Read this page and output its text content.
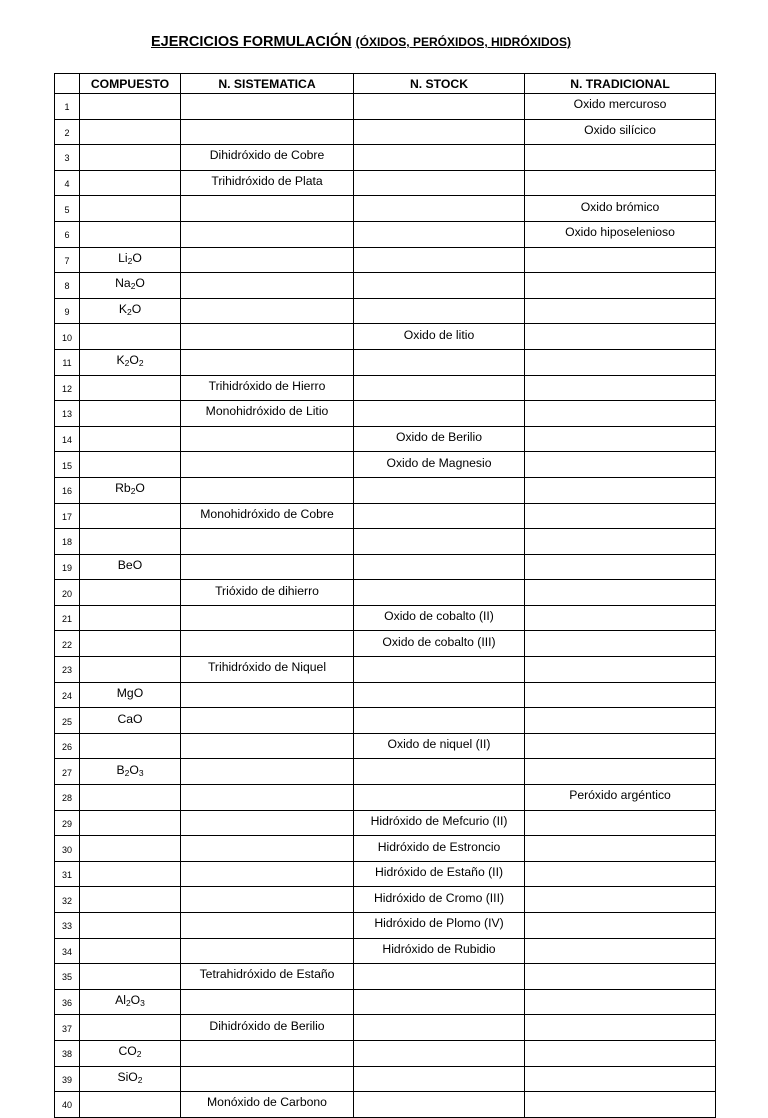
EJERCICIOS FORMULACIÓN (ÓXIDOS, PERÓXIDOS, HIDRÓXIDOS)
	COMPUESTO	N. SISTEMATICA	N. STOCK	N. TRADICIONAL
1				Oxido mercuroso
2				Oxido silícico
3		Dihidróxido de Cobre		
4		Trihidróxido de Plata		
5				Oxido brómico
6				Oxido hiposelenioso
7	$Li_2O$			
8	$Na_2O$			
9	$K_2O$			
10			Oxido de litio	
11	$K_2O_2$			
12		Trihidróxido de Hierro		
13		Monohidróxido de Litio		
14			Oxido de Berilio	
15			Oxido de Magnesio	
16	$Rb_2O$			
17		Monohidróxido de Cobre		
18				
19	BeO			
20		Trióxido de dihierro		
21			Oxido de cobalto (II)	
22			Oxido de cobalto (III)	
23		Trihidróxido de Niquel		
24	MgO			
25	CaO			
26			Oxido de niquel (II)	
27	$B_2O_3$			
28				Peróxido argéntico
29			Hidróxido de Mefcurio (II)	
30			Hidróxido de Estroncio	
31			Hidróxido de Estaño (II)	
32			Hidróxido de Cromo (III)	
33			Hidróxido de Plomo (IV)	
34			Hidróxido de Rubidio	
35		Tetrahidróxido de Estaño		
36	$Al_2O_3$			
37		Dihidróxido de Berilio		
38	$CO_2$			
39	SiO$_2$			
40		Monóxido de Carbono		
